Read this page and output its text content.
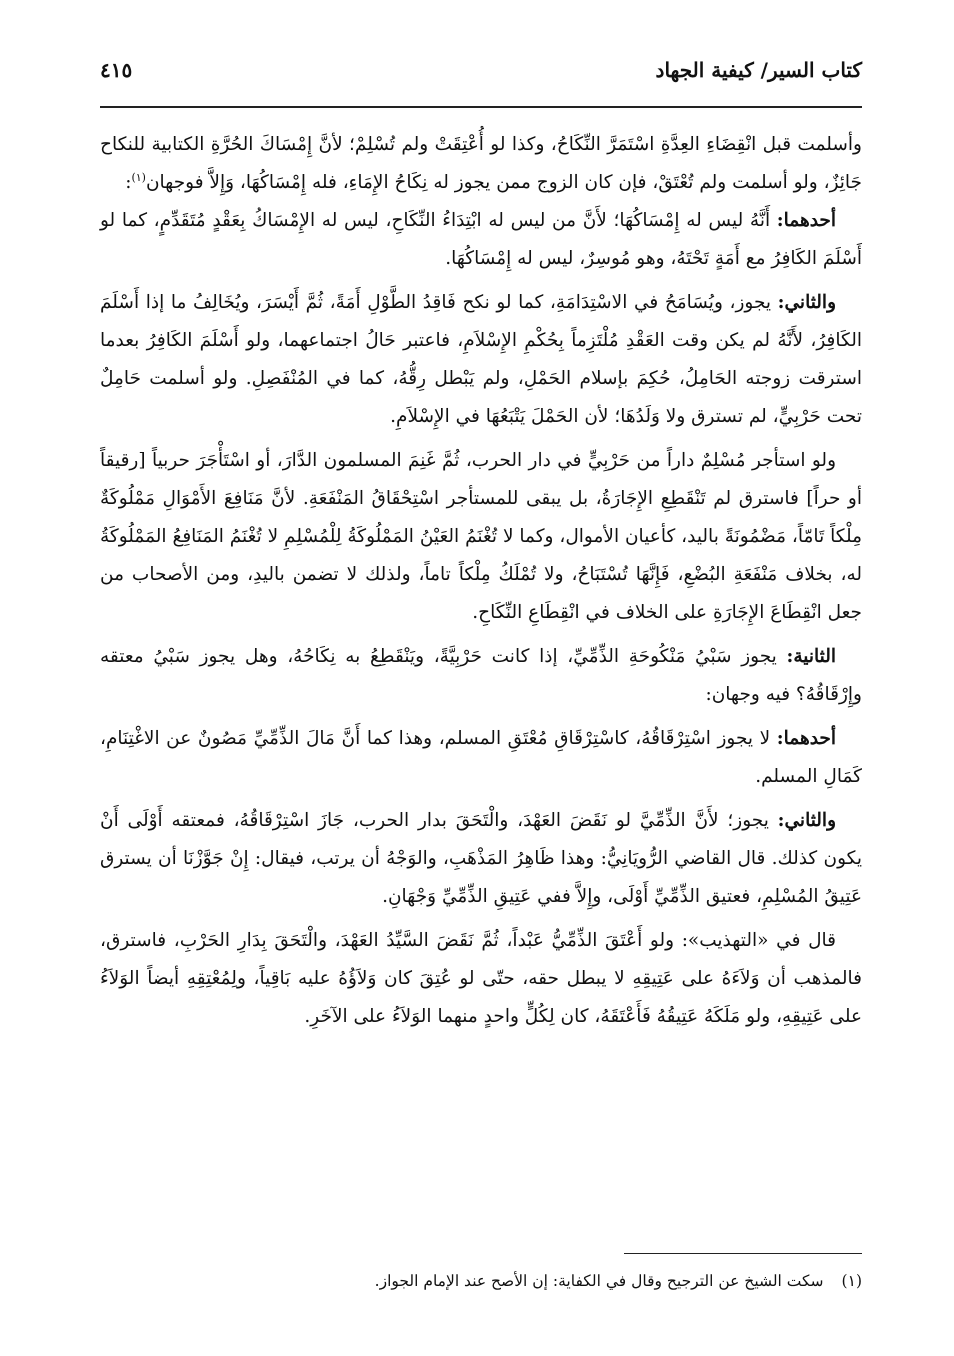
كتاب السير/ كيفية الجهاد
٤١٥

وأسلمت قبل انْقِضَاءِ العِدَّةِ اسْتَمَرَّ النِّكَاحُ، وكذا لو أُعْتِقَتْ ولم تُسْلِمْ؛ لأنَّ إِمْسَاكَ الحُرَّةِ الكتابية للنكاح جَائِزٌ، ولو أسلمت ولم تُعْتَقْ، فإن كان الزوج ممن يجوز له نِكَاحُ الإِمَاءِ، فله إِمْسَاكُهَا، وَإِلاَّ فوجهان$^{(١)}$:

أحدهما: أَنَّهُ ليس له إِمْسَاكُهَا؛ لأَنَّ من ليس له ابْتِدَاءُ النِّكَاحِ، ليس له الإِمْسَاكُ بِعَقْدٍ مُتَقَدِّمٍ، كما لو أَسْلَمَ الكَافِرُ مع أَمَةٍ تَحْتَهُ، وهو مُوسِرٌ، ليس له إِمْسَاكُهَا.

والثاني: يجوز، ويُسَامَحُ في الاسْتِدَامَةِ، كما لو نكح فَاقِدُ الطَّوْلِ أَمَةً، ثُمَّ أَيْسَرَ، ويُخَالِفُ ما إذا أَسْلَمَ الكَافِرُ، لأَنَّهُ لم يكن وقت العَقْدِ مُلْتَزِماً بِحُكْمِ الإِسْلاَمِ، فاعتبر حَالُ اجتماعهما، ولو أَسْلَمَ الكَافِرُ بعدما استرقت زوجته الحَامِلُ، حُكِمَ بإسلام الحَمْلِ، ولم يَبْطل رِقُّهُ، كما في المُنْفَصِلِ. ولو أسلمت حَامِلٌ تحت حَرْبِيٍّ، لم تسترق ولا وَلَدُهَا؛ لأن الحَمْلَ يَتْبَعُهَا في الإِسْلاَمِ.

ولو استأجر مُسْلِمٌ داراً من حَرْبِيٍّ في دار الحرب، ثُمَّ غَنِمَ المسلمون الدَّارَ، أو اسْتَأْجَرَ حربياً [رقيقاً أو حراً] فاسترق لم تَنْقَطِعِ الإِجَارَةُ، بل يبقى للمستأجر اسْتِحْقَاقُ المَنْفَعَةِ. لأنَّ مَنَافِعَ الأَمْوَالِ مَمْلُوكَةٌ مِلْكاً تَامّاً، مَضْمُونَةً باليد، كأعيان الأموال، وكما لا تُغْنَمُ العَيْنُ المَمْلُوكَةُ لِلْمُسْلِمِ لا تُغْنَمُ المَنَافِعُ المَمْلُوكَةُ له، بخلاف مَنْفَعَةِ البُضْعِ، فَإِنَّهَا تُسْتَبَاحُ، ولا تُمْلَكُ مِلْكاً تاماً، ولذلك لا تضمن باليدِ، ومن الأصحاب من جعل انْقِطَاعَ الإِجَارَةِ على الخلاف في انْقِطَاعِ النِّكَاحِ.

الثانية: يجوز سَبْيُ مَنْكُوحَةِ الذِّمِّيِّ، إذا كانت حَرْبِيَّةً، ويَنْقَطِعُ به نِكَاحُهُ، وهل يجوز سَبْيُ معتقه وإِرْقَاقُهُ؟ فيه وجهان:

أحدهما: لا يجوز اسْتِرْقَاقُهُ، كاسْتِرْقَاقِ مُعْتَقِ المسلم، وهذا كما أَنَّ مَالَ الذِّمِّيِّ مَصُونٌ عن الاغْتِنَامِ، كَمَالِ المسلم.

والثاني: يجوز؛ لأَنَّ الذِّمِّيَّ لو نَقَضَ العَهْدَ، والْتَحَقَ بدار الحرب، جَازَ اسْتِرْقَاقُهُ، فمعتقه أَوْلَى أَنْ يكون كذلك. قال القاضي الرُّويَانِيُّ: وهذا ظَاهِرُ المَذْهَبِ، والوَجْهُ أن يرتب، فيقال: إِنْ جَوَّزْنَا أن يسترق عَتِيقُ المُسْلِمِ، فعتيق الذِّمِّيِّ أَوْلَى، وإِلاَّ ففي عَتِيقِ الذِّمِّيِّ وَجْهَانِ.

قال في «التهذيب»: ولو أَعْتَقَ الذِّمِّيُّ عَبْداً، ثُمَّ نَقَضَ السَّيِّدُ العَهْدَ، والْتَحَقَ بِدَارِ الحَرْبِ، فاسترق، فالمذهب أن وَلاَءَهُ على عَتِيقِهِ لا يبطل حقه، حتّى لو عُتِقَ كان وَلاَؤُهُ عليه بَاقِياً، ولِمُعْتِقِهِ أيضاً الوَلاَءُ على عَتِيقِهِ، ولو مَلَكَهُ عَتِيقُهُ فَأَعْتَقَهُ، كان لِكُلٍّ واحدٍ منهما الوَلاَءُ على الآخَرِ.

(١)سكت الشيخ عن الترجيح وقال في الكفاية: إن الأصح عند الإمام الجواز.
